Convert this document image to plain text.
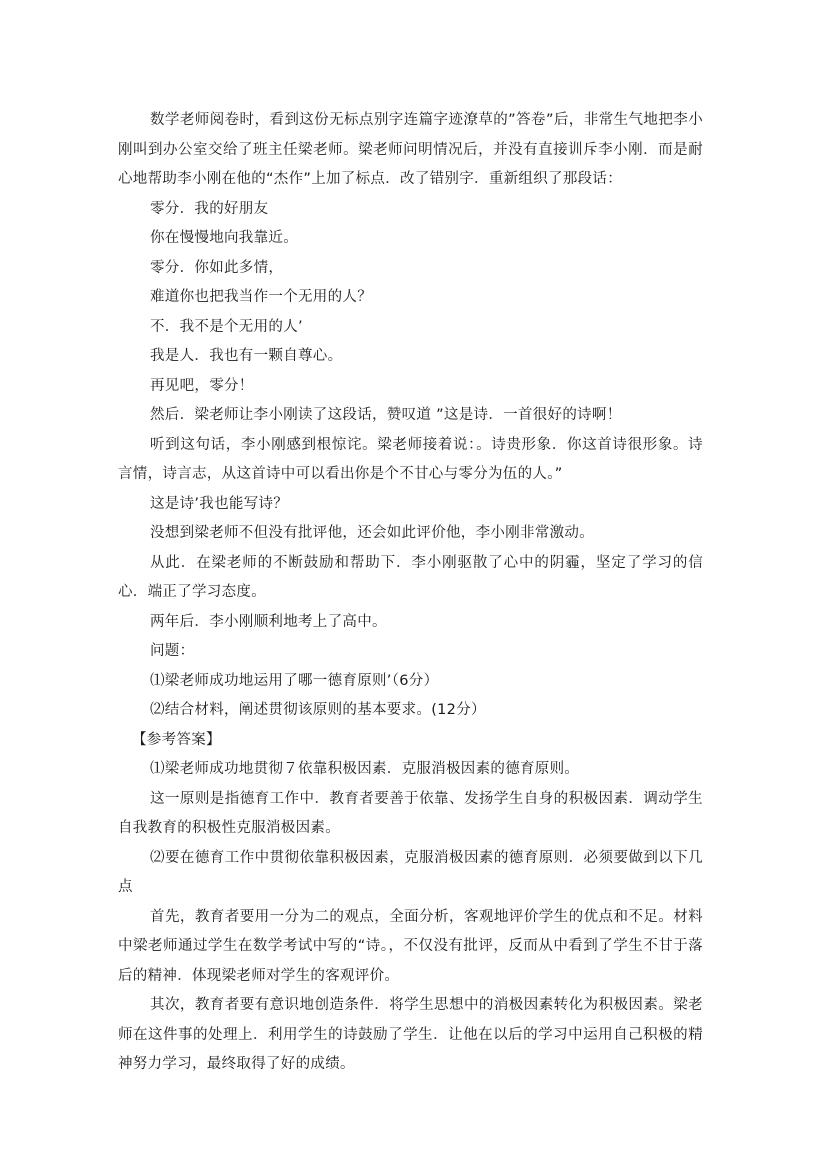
数学老师阅卷时，看到这份无标点别字连篇字迹潦草的”答卷”后，非常生气地把李小刚叫到办公室交给了班主任梁老师。梁老师问明情况后，并没有直接训斥李小刚．而是耐心地帮助李小刚在他的“杰作”上加了标点．改了错别字．重新组织了那段话：

零分．我的好朋友

你在慢慢地向我靠近。

零分．你如此多情，

难道你也把我当作一个无用的人？

不．我不是个无用的人’

我是人．我也有一颗自尊心。

再见吧，零分！

然后．梁老师让李小刚读了这段话，赞叹道 ”这是诗．一首很好的诗啊！

听到这句话，李小刚感到根惊诧。梁老师接着说：。诗贵形象．你这首诗很形象。诗言情，诗言志，从这首诗中可以看出你是个不甘心与零分为伍的人。”

这是诗’我也能写诗？

没想到梁老师不但没有批评他，还会如此评价他，李小刚非常激动。

从此．在梁老师的不断鼓励和帮助下．李小刚驱散了心中的阴霾，坚定了学习的信心．端正了学习态度。

两年后．李小刚顺利地考上了高中。

问题：

⑴梁老师成功地运用了哪一德育原则’（6分）

⑵结合材料，阐述贯彻该原则的基本要求。(12分）

【参考答案】

⑴梁老师成功地贯彻７依靠积极因素．克服消极因素的德育原则。

这一原则是指德育工作中．教育者要善于依靠、发扬学生自身的积极因素．调动学生自我教育的积极性克服消极因素。

⑵要在德育工作中贯彻依靠积极因素，克服消极因素的德育原则．必须要做到以下几点

首先，教育者要用一分为二的观点，全面分析，客观地评价学生的优点和不足。材料中梁老师通过学生在数学考试中写的“诗。，不仅没有批评，反而从中看到了学生不甘于落后的精神．体现梁老师对学生的客观评价。

其次，教育者要有意识地创造条件．将学生思想中的消极因素转化为积极因素。梁老师在这件事的处理上．利用学生的诗鼓励了学生．让他在以后的学习中运用自己积极的精神努力学习，最终取得了好的成绩。
